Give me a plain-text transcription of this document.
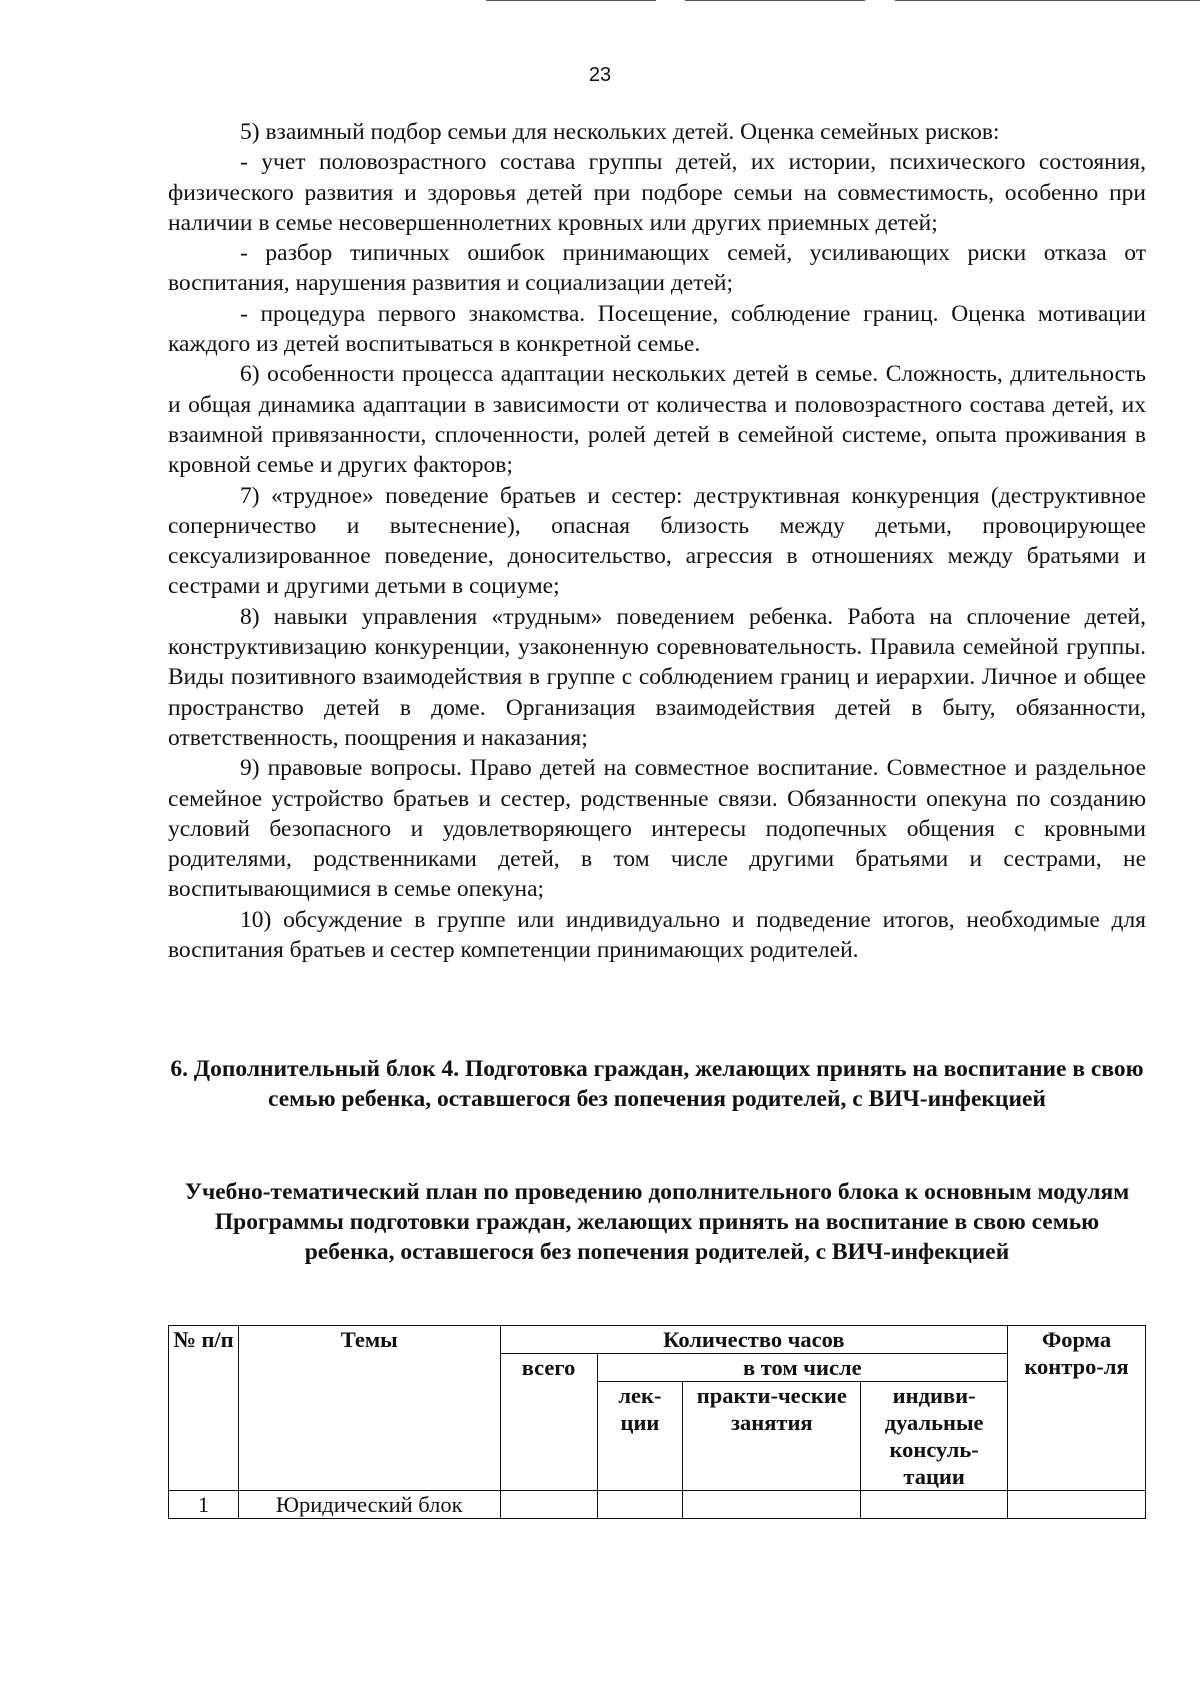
23

5) взаимный подбор семьи для нескольких детей. Оценка семейных рисков:

- учет половозрастного состава группы детей, их истории, психического состояния, физического развития и здоровья детей при подборе семьи на совместимость, особенно при наличии в семье несовершеннолетних кровных или других приемных детей;

- разбор типичных ошибок принимающих семей, усиливающих риски отказа от воспитания, нарушения развития и социализации детей;

- процедура первого знакомства. Посещение, соблюдение границ. Оценка мотивации каждого из детей воспитываться в конкретной семье.

6) особенности процесса адаптации нескольких детей в семье. Сложность, длительность и общая динамика адаптации в зависимости от количества и половозрастного состава детей, их взаимной привязанности, сплоченности, ролей детей в семейной системе, опыта проживания в кровной семье и других факторов;

7) «трудное» поведение братьев и сестер: деструктивная конкуренция (деструктивное соперничество и вытеснение), опасная близость между детьми, провоцирующее сексуализированное поведение, доносительство, агрессия в отношениях между братьями и сестрами и другими детьми в социуме;

8) навыки управления «трудным» поведением ребенка. Работа на сплочение детей, конструктивизацию конкуренции, узаконенную соревновательность. Правила семейной группы. Виды позитивного взаимодействия в группе с соблюдением границ и иерархии. Личное и общее пространство детей в доме. Организация взаимодействия детей в быту, обязанности, ответственность, поощрения и наказания;

9) правовые вопросы. Право детей на совместное воспитание. Совместное и раздельное семейное устройство братьев и сестер, родственные связи. Обязанности опекуна по созданию условий безопасного и удовлетворяющего интересы подопечных общения с кровными родителями, родственниками детей, в том числе другими братьями и сестрами, не воспитывающимися в семье опекуна;

10) обсуждение в группе или индивидуально и подведение итогов, необходимые для воспитания братьев и сестер компетенции принимающих родителей.

6. Дополнительный блок 4. Подготовка граждан, желающих принять на воспитание в свою семью ребенка, оставшегося без попечения родителей, с ВИЧ-инфекцией
Учебно-тематический план по проведению дополнительного блока к основным модулям Программы подготовки граждан, желающих принять на воспитание в свою семью ребенка, оставшегося без попечения родителей, с ВИЧ-инфекцией
№ п/п	Темы	Количество часов				Форма контро-ля
		всего	в том числе			
			лек-ции	практи-ческие занятия	индиви-дуальные консуль-тации	
1	Юридический блок					
